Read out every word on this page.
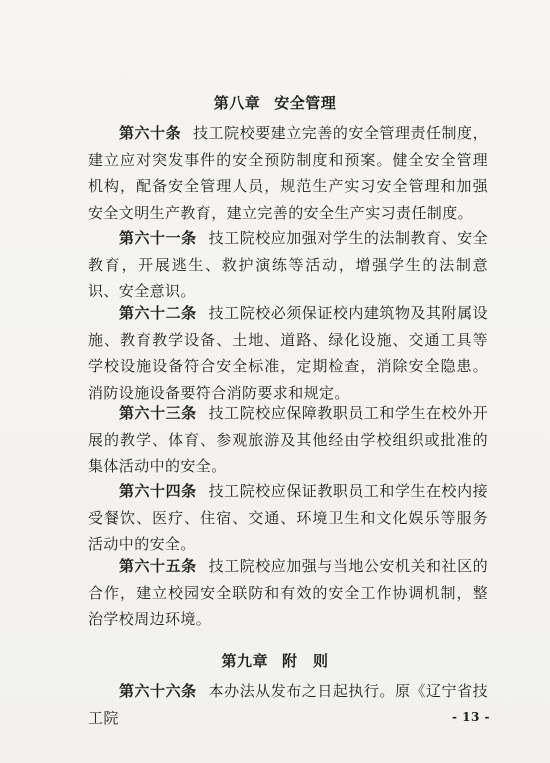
第八章 安全管理
第六十条 技工院校要建立完善的安全管理责任制度，建立应对突发事件的安全预防制度和预案。健全安全管理机构，配备安全管理人员，规范生产实习安全管理和加强安全文明生产教育，建立完善的安全生产实习责任制度。
第六十一条 技工院校应加强对学生的法制教育、安全教育，开展逃生、救护演练等活动，增强学生的法制意识、安全意识。
第六十二条 技工院校必须保证校内建筑物及其附属设施、教育教学设备、土地、道路、绿化设施、交通工具等学校设施设备符合安全标准，定期检查，消除安全隐患。消防设施设备要符合消防要求和规定。
第六十三条 技工院校应保障教职员工和学生在校外开展的教学、体育、参观旅游及其他经由学校组织或批准的集体活动中的安全。
第六十四条 技工院校应保证教职员工和学生在校内接受餐饮、医疗、住宿、交通、环境卫生和文化娱乐等服务活动中的安全。
第六十五条 技工院校应加强与当地公安机关和社区的合作，建立校园安全联防和有效的安全工作协调机制，整治学校周边环境。
第九章 附　则
第六十六条 本办法从发布之日起执行。原《辽宁省技工院	- 13 -
